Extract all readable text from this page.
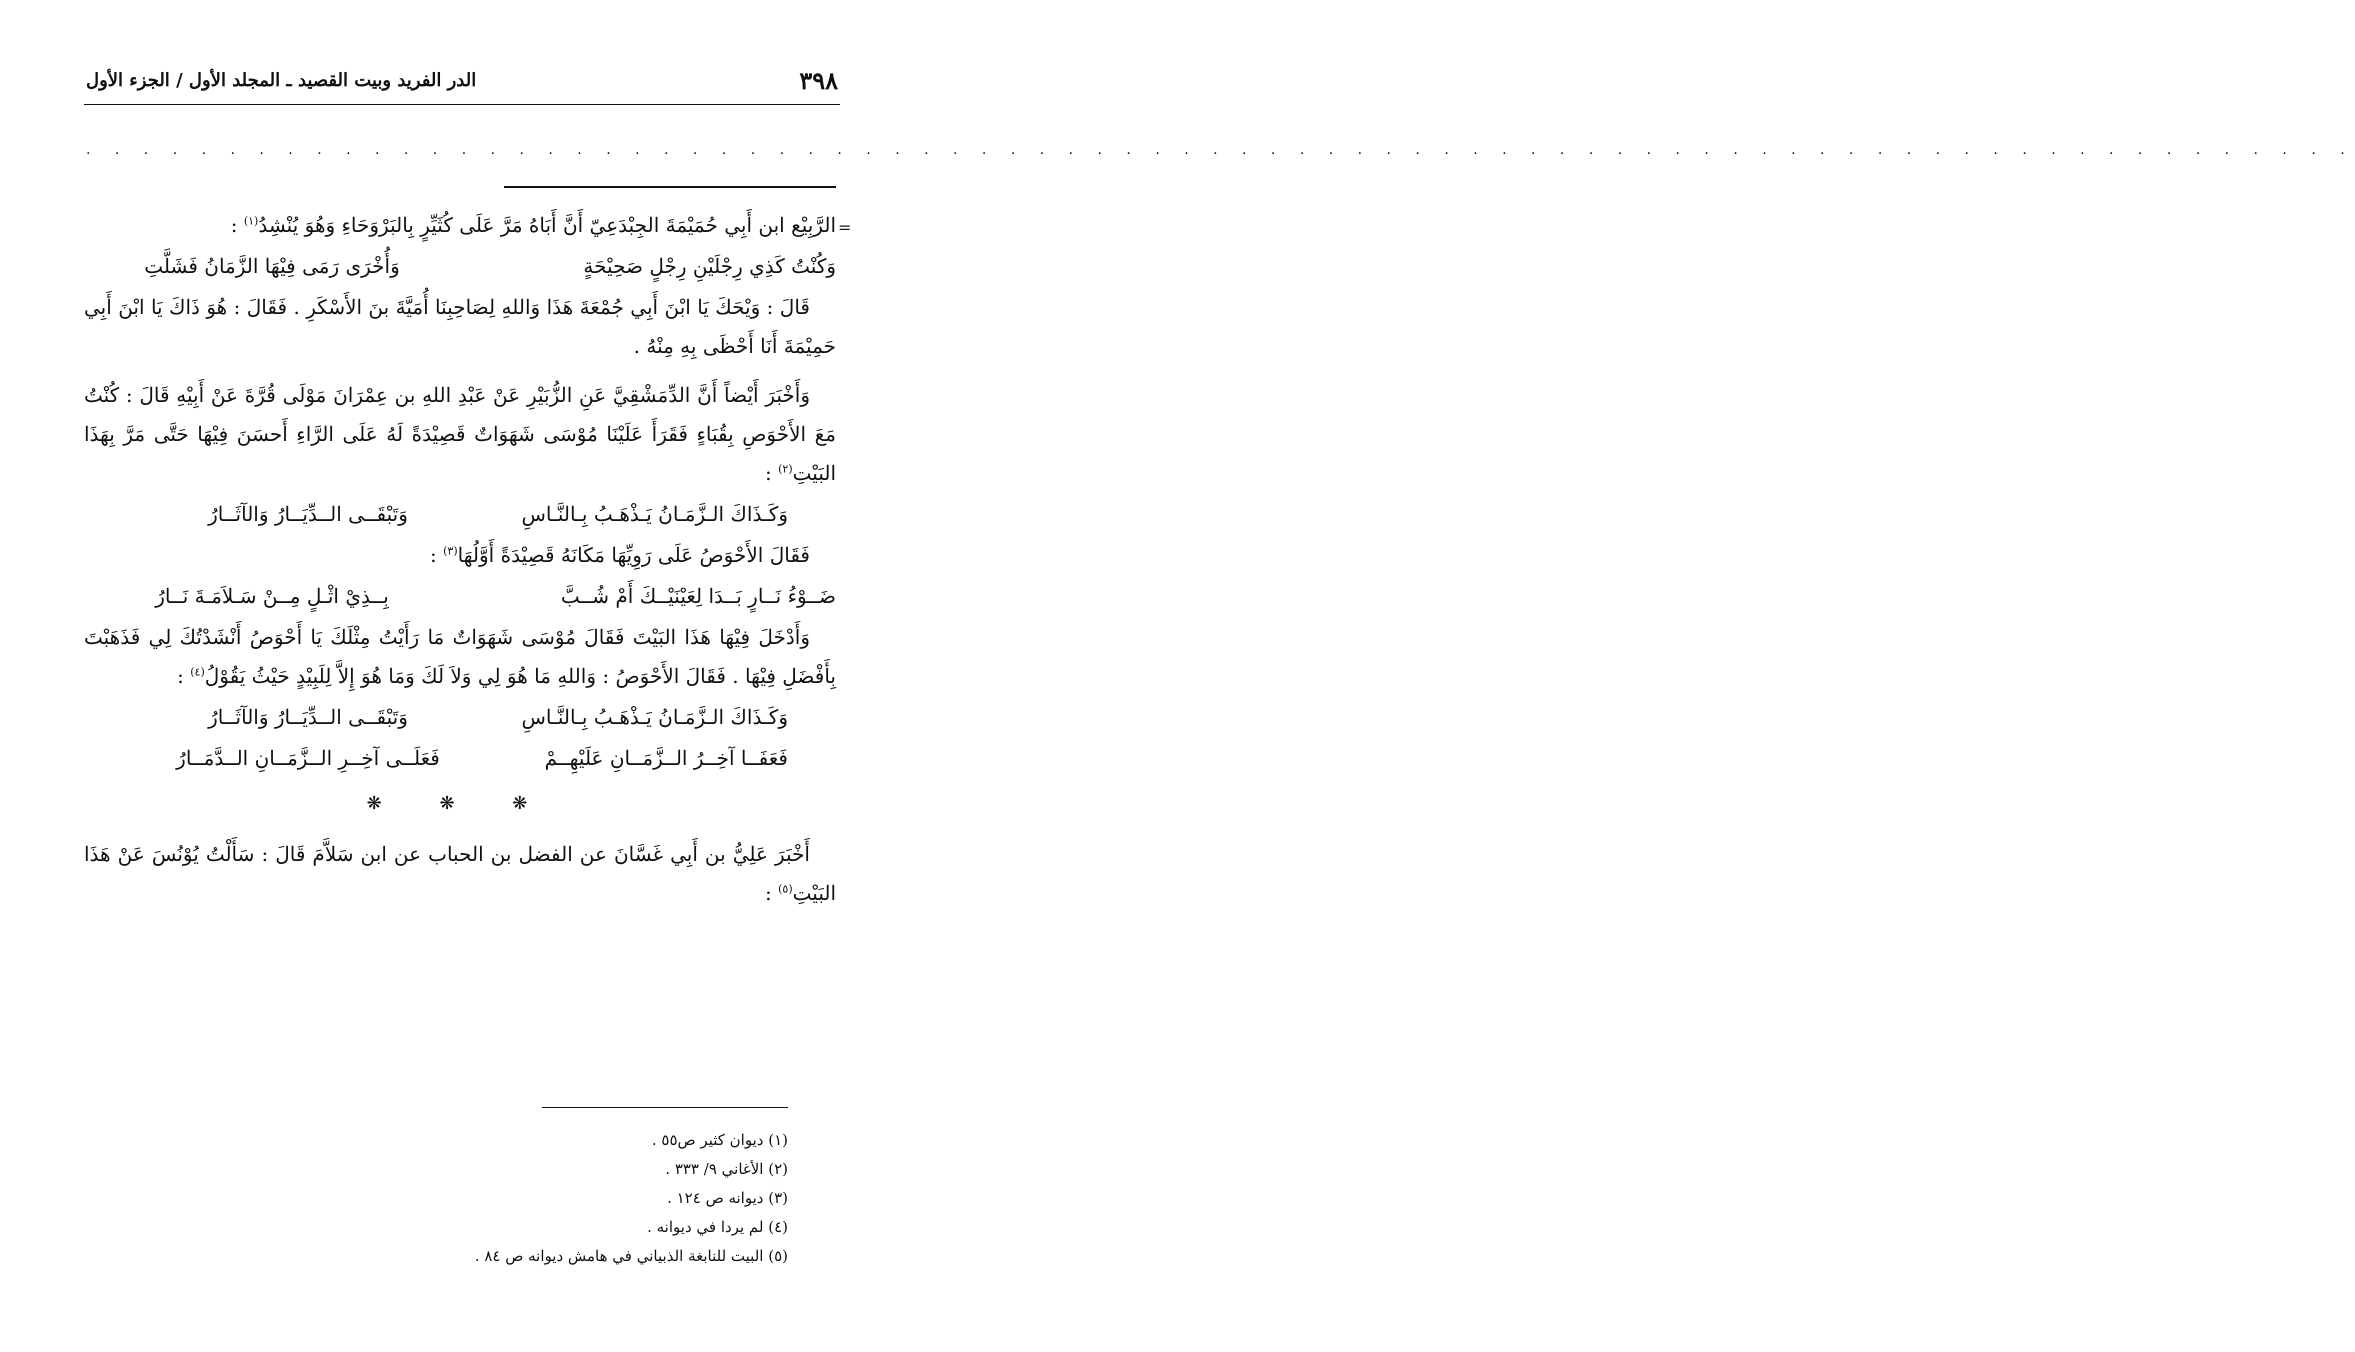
الدر الفريد وبيت القصيد ـ المجلد الأول / الجزء الأول	٣٩٨
. . . . . . . . . . . . . . . . . . . . . . . . . . . . . . . . . . . . . . . . . . . . . . . . . . . . . . . . . . . . . . . . . . . . . . . . . . . . . . .
=

الرَّبِيْع ابن أَبِي حُمَيْمَةَ الجِبْدَعِيّ أَنَّ أَبَاهُ مَرَّ عَلَى كُثَيِّرٍ بِالبَرْوَحَاءِ وَهُوَ يُنْشِدُ$^{(١)}$ :

وَكُنْتُ كَذِي رِجْلَيْنِ رِجْلٍ صَحِيْحَةٍ
وَأُخْرَى رَمَى فِيْهَا الزَّمَانُ فَشَلَّتِ

قَالَ : وَيْحَكَ يَا ابْنَ أَبِي جُمْعَةَ هَذَا وَاللهِ لِصَاحِبِنَا أُمَيَّةَ بنَ الأَسْكَرِ . فَقَالَ : هُوَ ذَاكَ يَا ابْنَ أَبِي حَمِيْمَةَ أَنَا أَحْظَى بِهِ مِنْهُ .

وَأَخْبَرَ أَيْضاً أَنَّ الدِّمَشْقِيَّ عَنِ الزُّبَيْرِ عَنْ عَبْدِ اللهِ بن عِمْرَانَ مَوْلَى قُرَّةَ عَنْ أَبِيْهِ قَالَ : كُنْتُ مَعَ الأَحْوَصِ بِقُبَاءٍ فَقَرَأَ عَلَيْنَا مُوْسَى شَهَوَاتٌ قَصِيْدَةً لَهُ عَلَى الرَّاءِ أَحسَنَ فِيْهَا حَتَّى مَرَّ بِهَذَا البَيْتِ$^{(٢)}$ :

وَكَـذَاكَ الـزَّمَـانُ يَـذْهَـبُ بِـالنَّـاسِ
وَتَبْقَــى الــدِّيَــارُ وَالآثَــارُ

فَقَالَ الأَحْوَصُ عَلَى رَوِيِّهَا مَكَانَهُ قَصِيْدَةً أَوَّلُهَا$^{(٣)}$ :

ضَــوْءُ نَــارٍ بَــدَا لِعَيْنَيْــكَ أَمْ شُــبَّ
بِــذِيْ اثْـلٍ مِــنْ سَـلاَمَـةَ نَــارُ

وَأَدْخَلَ فِيْهَا هَذَا البَيْتَ فَقَالَ مُوْسَى شَهَوَاتٌ مَا رَأَيْتُ مِثْلَكَ يَا أَحْوَصُ أَنْشَدْتُكَ لِي فَذَهَبْتَ بِأَفْضَلِ فِيْهَا . فَقَالَ الأَحْوَصُ : وَاللهِ مَا هُوَ لِي وَلاَ لَكَ وَمَا هُوَ إِلاَّ لِلَبِيْدٍ حَيْثُ يَقُوْلُ$^{(٤)}$ :

وَكَـذَاكَ الـزَّمَـانُ يَـذْهَـبُ بِـالنَّـاسِ
وَتَبْقَــى الــدِّيَــارُ وَالآثَــارُ
فَعَفَــا آخِــرُ الــزَّمَــانِ عَلَيْهِــمْ
فَعَلَــى آخِــرِ الــزَّمَــانِ الــدَّمَــارُ
❋ ❋ ❋

أَخْبَرَ عَلِيُّ بن أَبِي غَسَّانَ عن الفضل بن الحباب عن ابن سَلاَّمَ قَالَ : سَأَلْتُ يُوْنُسَ عَنْ هَذَا البَيْتِ$^{(٥)}$ :

(١) ديوان كثير ص٥٥ .
(٢) الأغاني ٩/ ٣٣٣ .
(٣) ديوانه ص ١٢٤ .
(٤) لم يردا في ديوانه .
(٥) البيت للنابغة الذبياني في هامش ديوانه ص ٨٤ .
